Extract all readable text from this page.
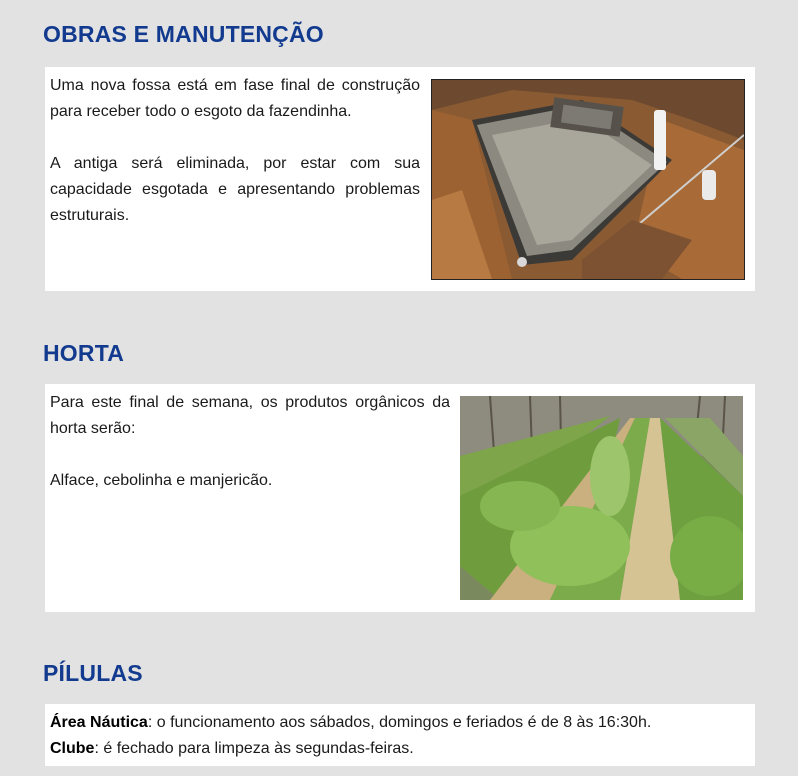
OBRAS E MANUTENÇÃO

Uma nova fossa está em fase final de construção para receber todo o esgoto da fazendinha.

A antiga será eliminada, por estar com sua capacidade esgotada e apresentando problemas estruturais.

HORTA

Para este final de semana, os produtos orgânicos da horta serão:

Alface, cebolinha e manjericão.

PÍLULAS
Área Náutica: o funcionamento aos sábados, domingos e feriados é de 8 às 16:30h.
Clube: é fechado para limpeza às segundas-feiras.
